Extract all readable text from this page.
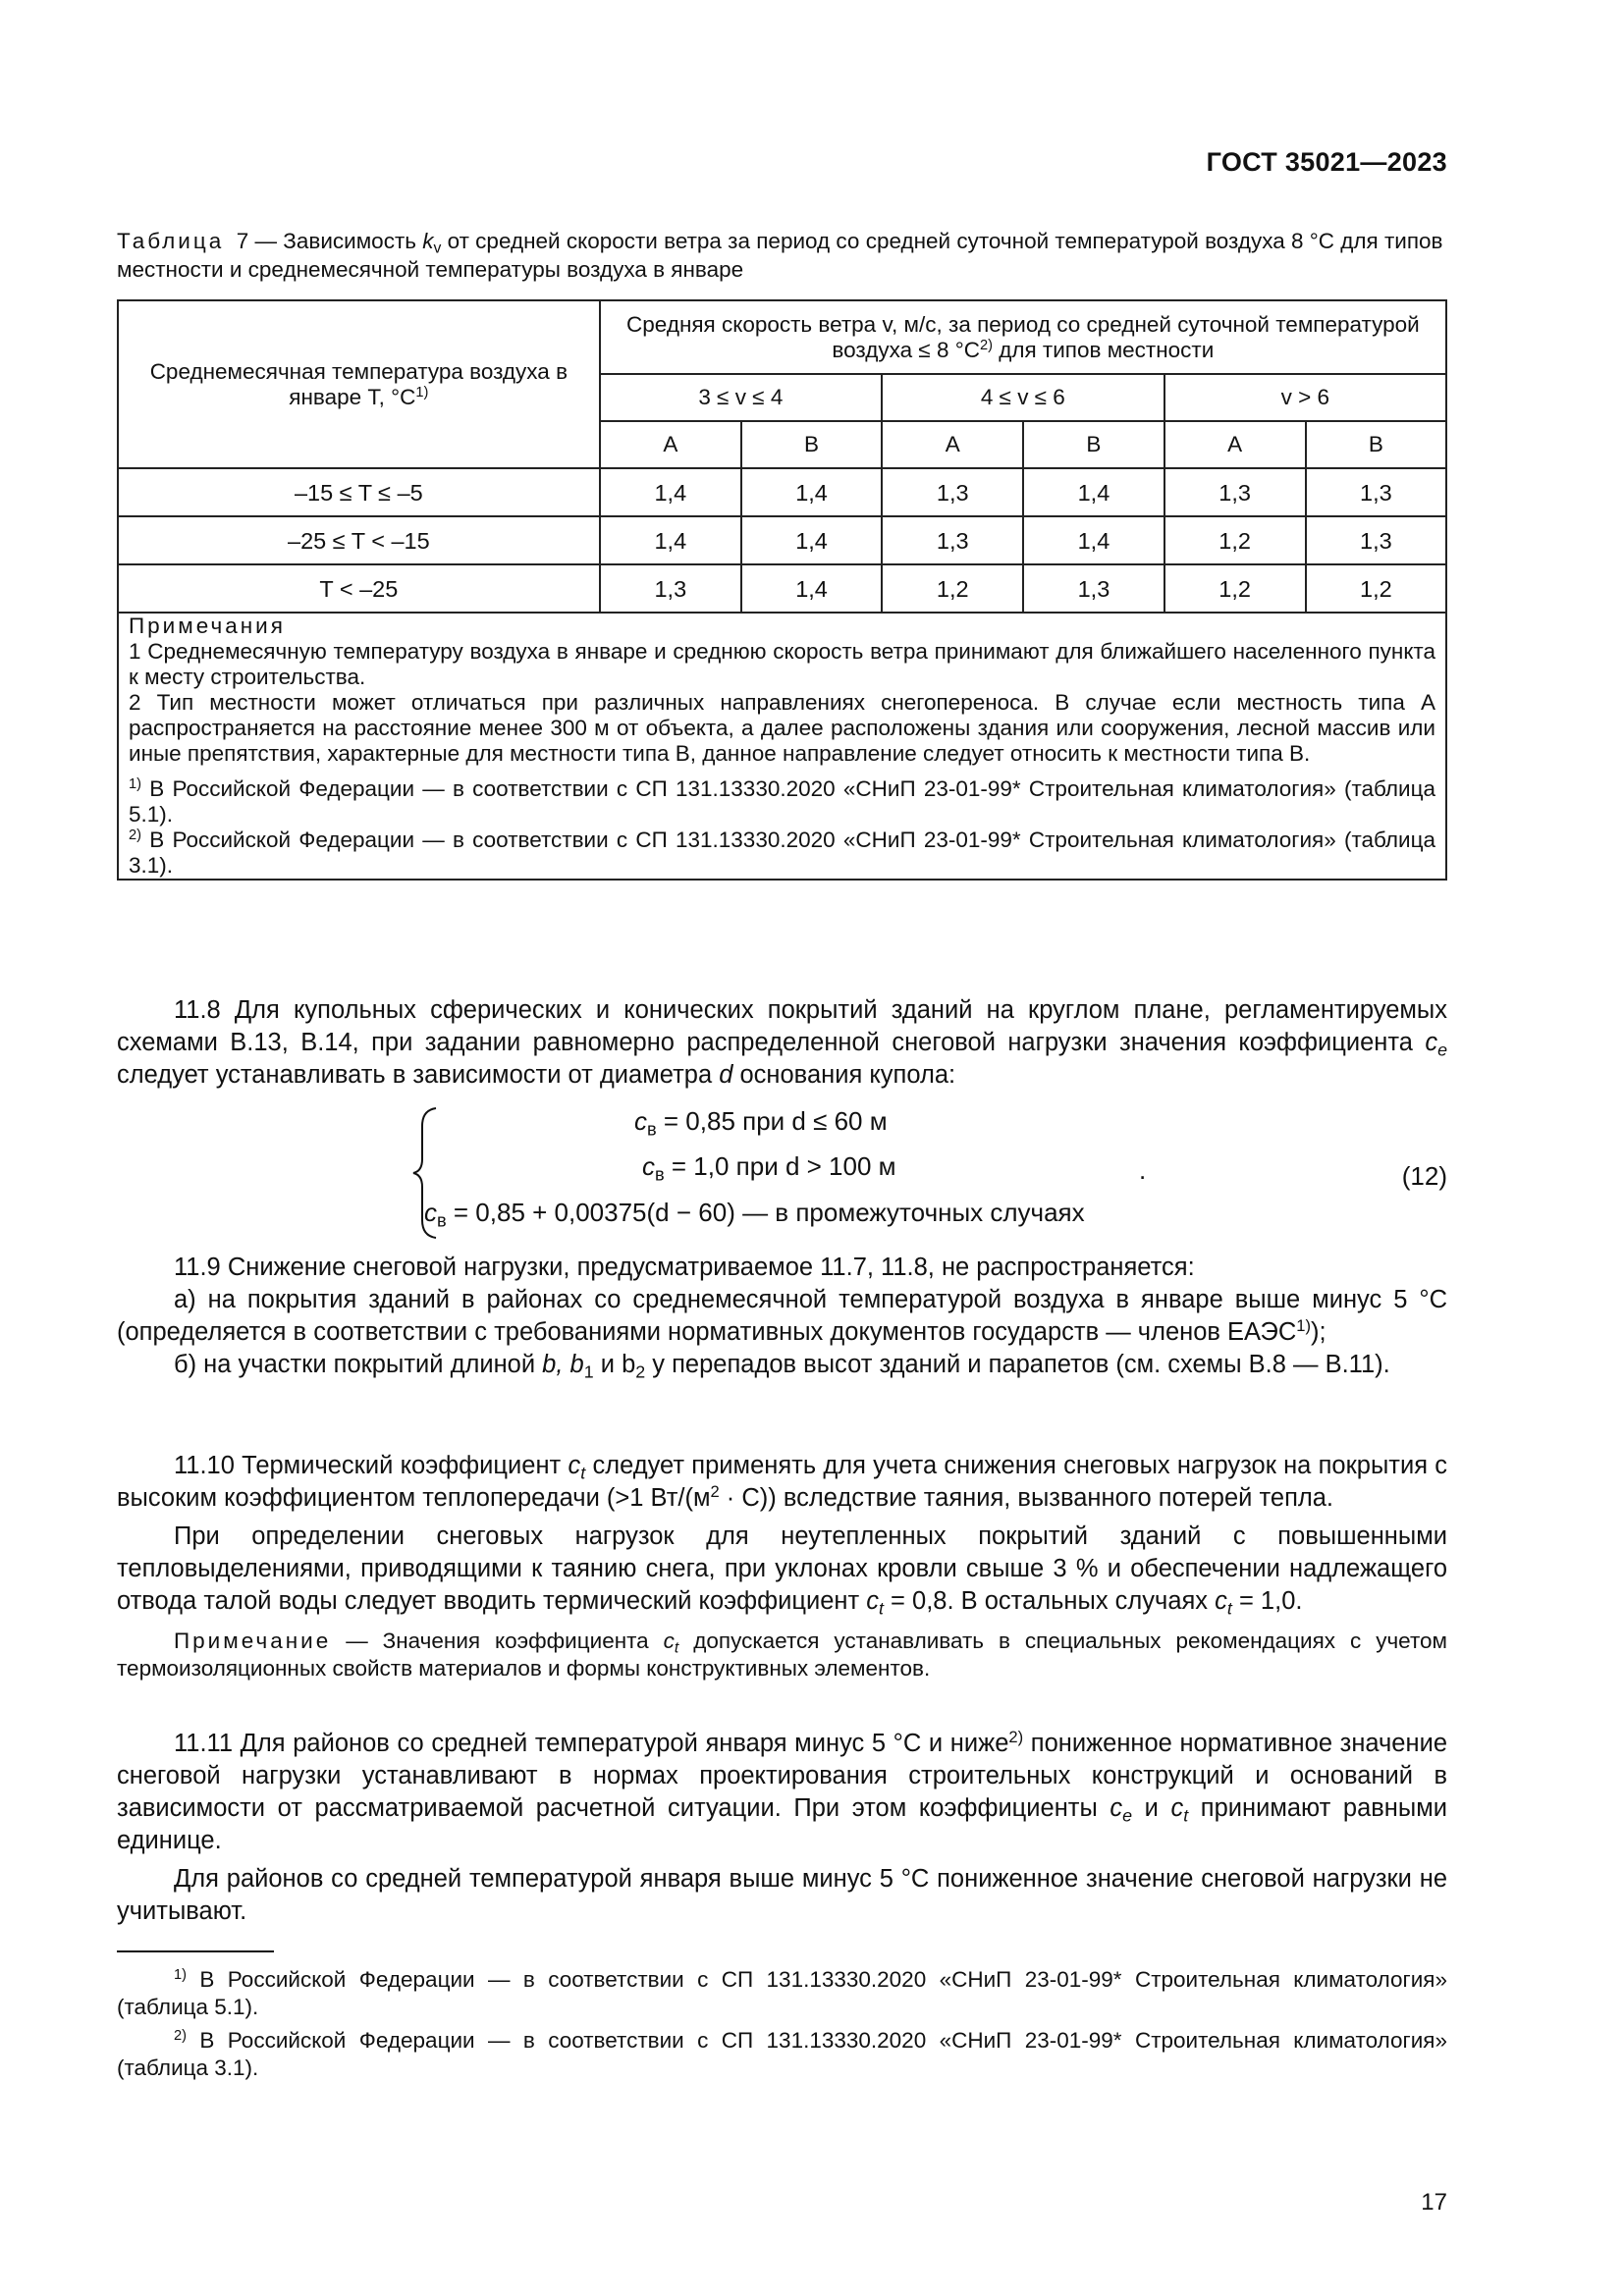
ГОСТ 35021—2023
Таблица 7 — Зависимость $k_v$ от средней скорости ветра за период со средней суточной температурой воздуха 8 °С для типов местности и среднемесячной температуры воздуха в январе
Среднемесячная температура воздуха в январе T, $^\circ С^{1)}$	Средняя скорость ветра v, м/с, за период со средней суточной температурой воздуха ≤ 8 $^\circ С^{2)}$ для типов местности					
	3 ≤ v ≤ 4		4 ≤ v ≤ 6		v > 6	
	А	В	А	В	А	В
–15 ≤ T ≤ –5	1,4	1,4	1,3	1,4	1,3	1,3
–25 ≤ T < –15	1,4	1,4	1,3	1,4	1,2	1,3
T < –25	1,3	1,4	1,2	1,3	1,2	1,2

Примечания

1 Среднемесячную температуру воздуха в январе и среднюю скорость ветра принимают для ближайшего населенного пункта к месту строительства.

2 Тип местности может отличаться при различных направлениях снегопереноса. В случае если местность типа А распространяется на расстояние менее 300 м от объекта, а далее расположены здания или сооружения, лесной массив или иные препятствия, характерные для местности типа В, данное направление следует относить к местности типа В.

$^{1)}$ В Российской Федерации — в соответствии с СП 131.13330.2020 «СНиП 23-01-99* Строительная климатология» (таблица 5.1).

$^{2)}$ В Российской Федерации — в соответствии с СП 131.13330.2020 «СНиП 23-01-99* Строительная климатология» (таблица 3.1).						

11.8 Для купольных сферических и конических покрытий зданий на круглом плане, регламентируемых схемами В.13, В.14, при задании равномерно распределенной снеговой нагрузки значения коэффициента $c_e$ следует устанавливать в зависимости от диаметра d основания купола:

$c_в = 0,85$ при d ≤ 60 м
$c_в = 1,0$ при d > 100 м
$c_в = 0,85 + 0,00375(d - 60)$ — в промежуточных случаях
.	(12)

11.9 Снижение снеговой нагрузки, предусматриваемое 11.7, 11.8, не распространяется:

а) на покрытия зданий в районах со среднемесячной температурой воздуха в январе выше минус 5 °С (определяется в соответствии с требованиями нормативных документов государств — членов ЕАЭС$^{1)}$);

б) на участки покрытий длиной b, $b_1$ и $b_2$ у перепадов высот зданий и парапетов (см. схемы В.8 — В.11).

11.10 Термический коэффициент $c_t$ следует применять для учета снижения снеговых нагрузок на покрытия с высоким коэффициентом теплопередачи (>1 $Вт/(м^2 \cdot С)$) вследствие таяния, вызванного потерей тепла.

При определении снеговых нагрузок для неутепленных покрытий зданий с повышенными тепловыделениями, приводящими к таянию снега, при уклонах кровли свыше 3 % и обеспечении надлежащего отвода талой воды следует вводить термический коэффициент $c_t = 0,8$. В остальных случаях $c_t = 1,0$.

Примечание — Значения коэффициента $c_t$ допускается устанавливать в специальных рекомендациях с учетом термоизоляционных свойств материалов и формы конструктивных элементов.

11.11 Для районов со средней температурой января минус 5 °С и ниже$^{2)}$ пониженное нормативное значение снеговой нагрузки устанавливают в нормах проектирования строительных конструкций и оснований в зависимости от рассматриваемой расчетной ситуации. При этом коэффициенты $c_e$ и $c_t$ принимают равными единице.

Для районов со средней температурой января выше минус 5 °С пониженное значение снеговой нагрузки не учитывают.

$^{1)}$ В Российской Федерации — в соответствии с СП 131.13330.2020 «СНиП 23-01-99* Строительная климатология» (таблица 5.1).

$^{2)}$ В Российской Федерации — в соответствии с СП 131.13330.2020 «СНиП 23-01-99* Строительная климатология» (таблица 3.1).

17
